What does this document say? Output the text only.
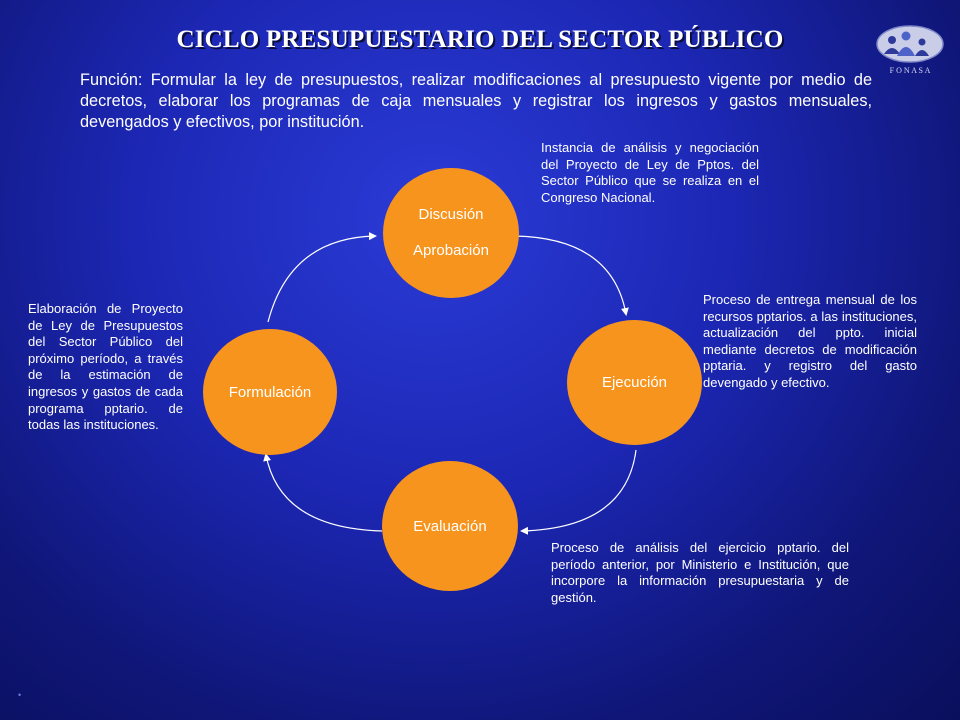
CICLO PRESUPUESTARIO DEL SECTOR PÚBLICO
F O N A S A
Función: Formular la ley de presupuestos, realizar modificaciones al presupuesto vigente por medio de decretos, elaborar los programas de caja mensuales y registrar los ingresos y gastos mensuales, devengados y efectivos, por institución.
Discusión
Aprobación
Ejecución
Evaluación
Formulación
Instancia de análisis y negociación del Proyecto de Ley de Pptos. del Sector Público que se realiza en el Congreso Nacional.
Proceso de entrega mensual de los recursos pptarios. a las instituciones, actualización del ppto. inicial mediante decretos de modificación pptaria. y registro del gasto devengado y efectivo.
Proceso de análisis del ejercicio pptario. del período anterior, por Ministerio e Institución, que incorpore la información presupuestaria y de gestión.
Elaboración de Proyecto de Ley de Presupuestos del Sector Público del próximo período, a través de la estimación de ingresos y gastos de cada programa pptario. de todas las instituciones.
•
